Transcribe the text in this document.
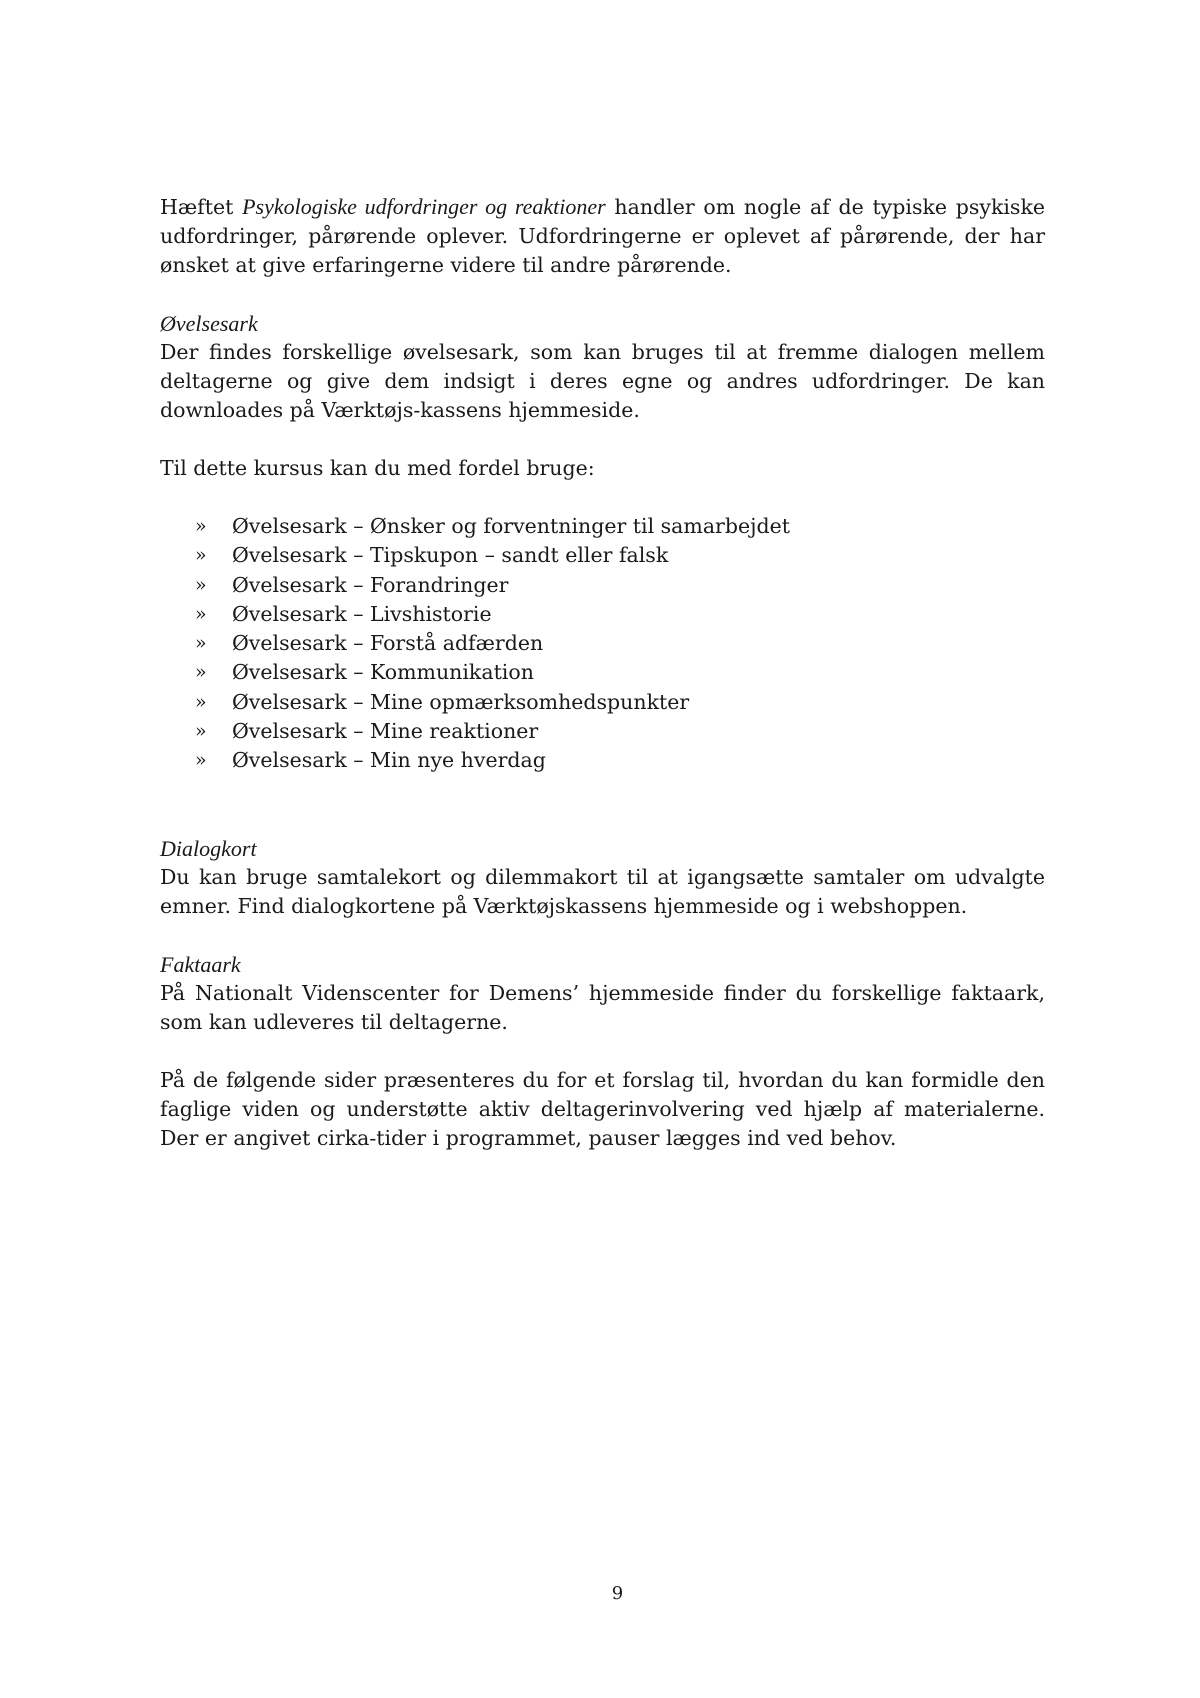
Hæftet Psykologiske udfordringer og reaktioner handler om nogle af de typiske psykiske udfordringer, pårørende oplever. Udfordringerne er oplevet af pårørende, der har ønsket at give erfaringerne videre til andre pårørende.

Øvelsesark

Der findes forskellige øvelsesark, som kan bruges til at fremme dialogen mellem deltagerne og give dem indsigt i deres egne og andres udfordringer. De kan downloades på Værktøjs-kassens hjemmeside.

Til dette kursus kan du med fordel bruge:

» Øvelsesark – Ønsker og forventninger til samarbejdet
» Øvelsesark – Tipskupon – sandt eller falsk
» Øvelsesark – Forandringer
» Øvelsesark – Livshistorie
» Øvelsesark – Forstå adfærden
» Øvelsesark – Kommunikation
» Øvelsesark – Mine opmærksomhedspunkter
» Øvelsesark – Mine reaktioner
» Øvelsesark – Min nye hverdag
Dialogkort

Du kan bruge samtalekort og dilemmakort til at igangsætte samtaler om udvalgte emner. Find dialogkortene på Værktøjskassens hjemmeside og i webshoppen.

Faktaark

På Nationalt Videnscenter for Demens’ hjemmeside finder du forskellige faktaark, som kan udleveres til deltagerne.

På de følgende sider præsenteres du for et forslag til, hvordan du kan formidle den faglige viden og understøtte aktiv deltagerinvolvering ved hjælp af materialerne. Der er angivet cirka-tider i programmet, pauser lægges ind ved behov.

9
